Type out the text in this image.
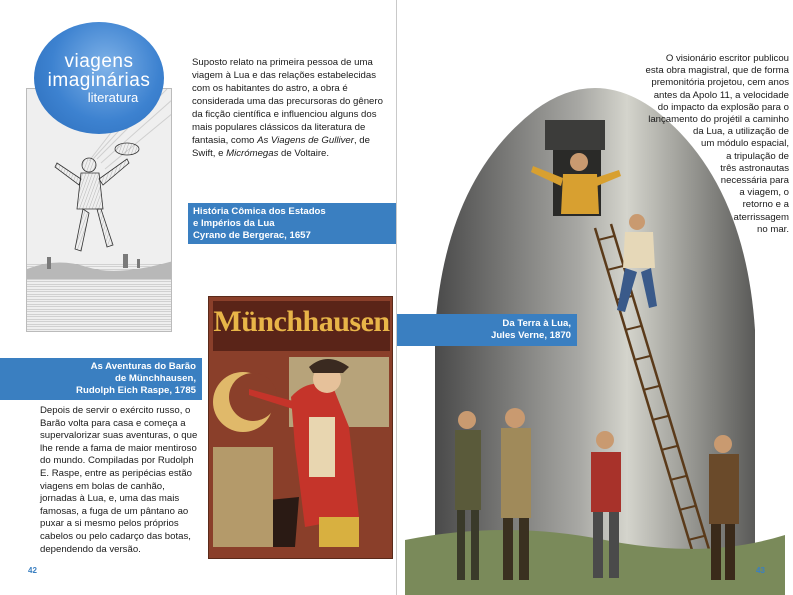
viagens
imaginárias
literatura

Suposto relato na primeira pessoa de uma viagem à Lua e das relações estabelecidas com os habitantes do astro, a obra é considerada uma das precursoras do gênero da ficção científica e influenciou alguns dos mais populares clássicos da literatura de fantasia, como As Viagens de Gulliver, de Swift, e Micrómegas de Voltaire.

História Cômica dos Estados
e Impérios da Lua
Cyrano de Bergerac, 1657
Münchhausen
As Aventuras do Barão
de Münchhausen,
Rudolph Eich Raspe, 1785

Depois de servir o exército russo, o Barão volta para casa e começa a supervalorizar suas aventuras, o que lhe rende a fama de maior mentiroso do mundo. Compiladas por Rudolph E. Raspe, entre as peripécias estão viagens em bolas de canhão, jornadas à Lua, e, uma das mais famosas, a fuga de um pântano ao puxar a si mesmo pelos próprios cabelos ou pelo cadarço das botas, dependendo da versão.

42
O visionário escritor publicou
esta obra magistral, que de forma
premonitória projetou, cem anos
antes da Apolo 11, a velocidade
do impacto da explosão para o
lançamento do projétil a caminho
da Lua, a utilização de
um módulo espacial,
a tripulação de
três astronautas
necessária para
a viagem, o
retorno e a
aterrissagem
no mar.
Da Terra à Lua,
Jules Verne, 1870
43
